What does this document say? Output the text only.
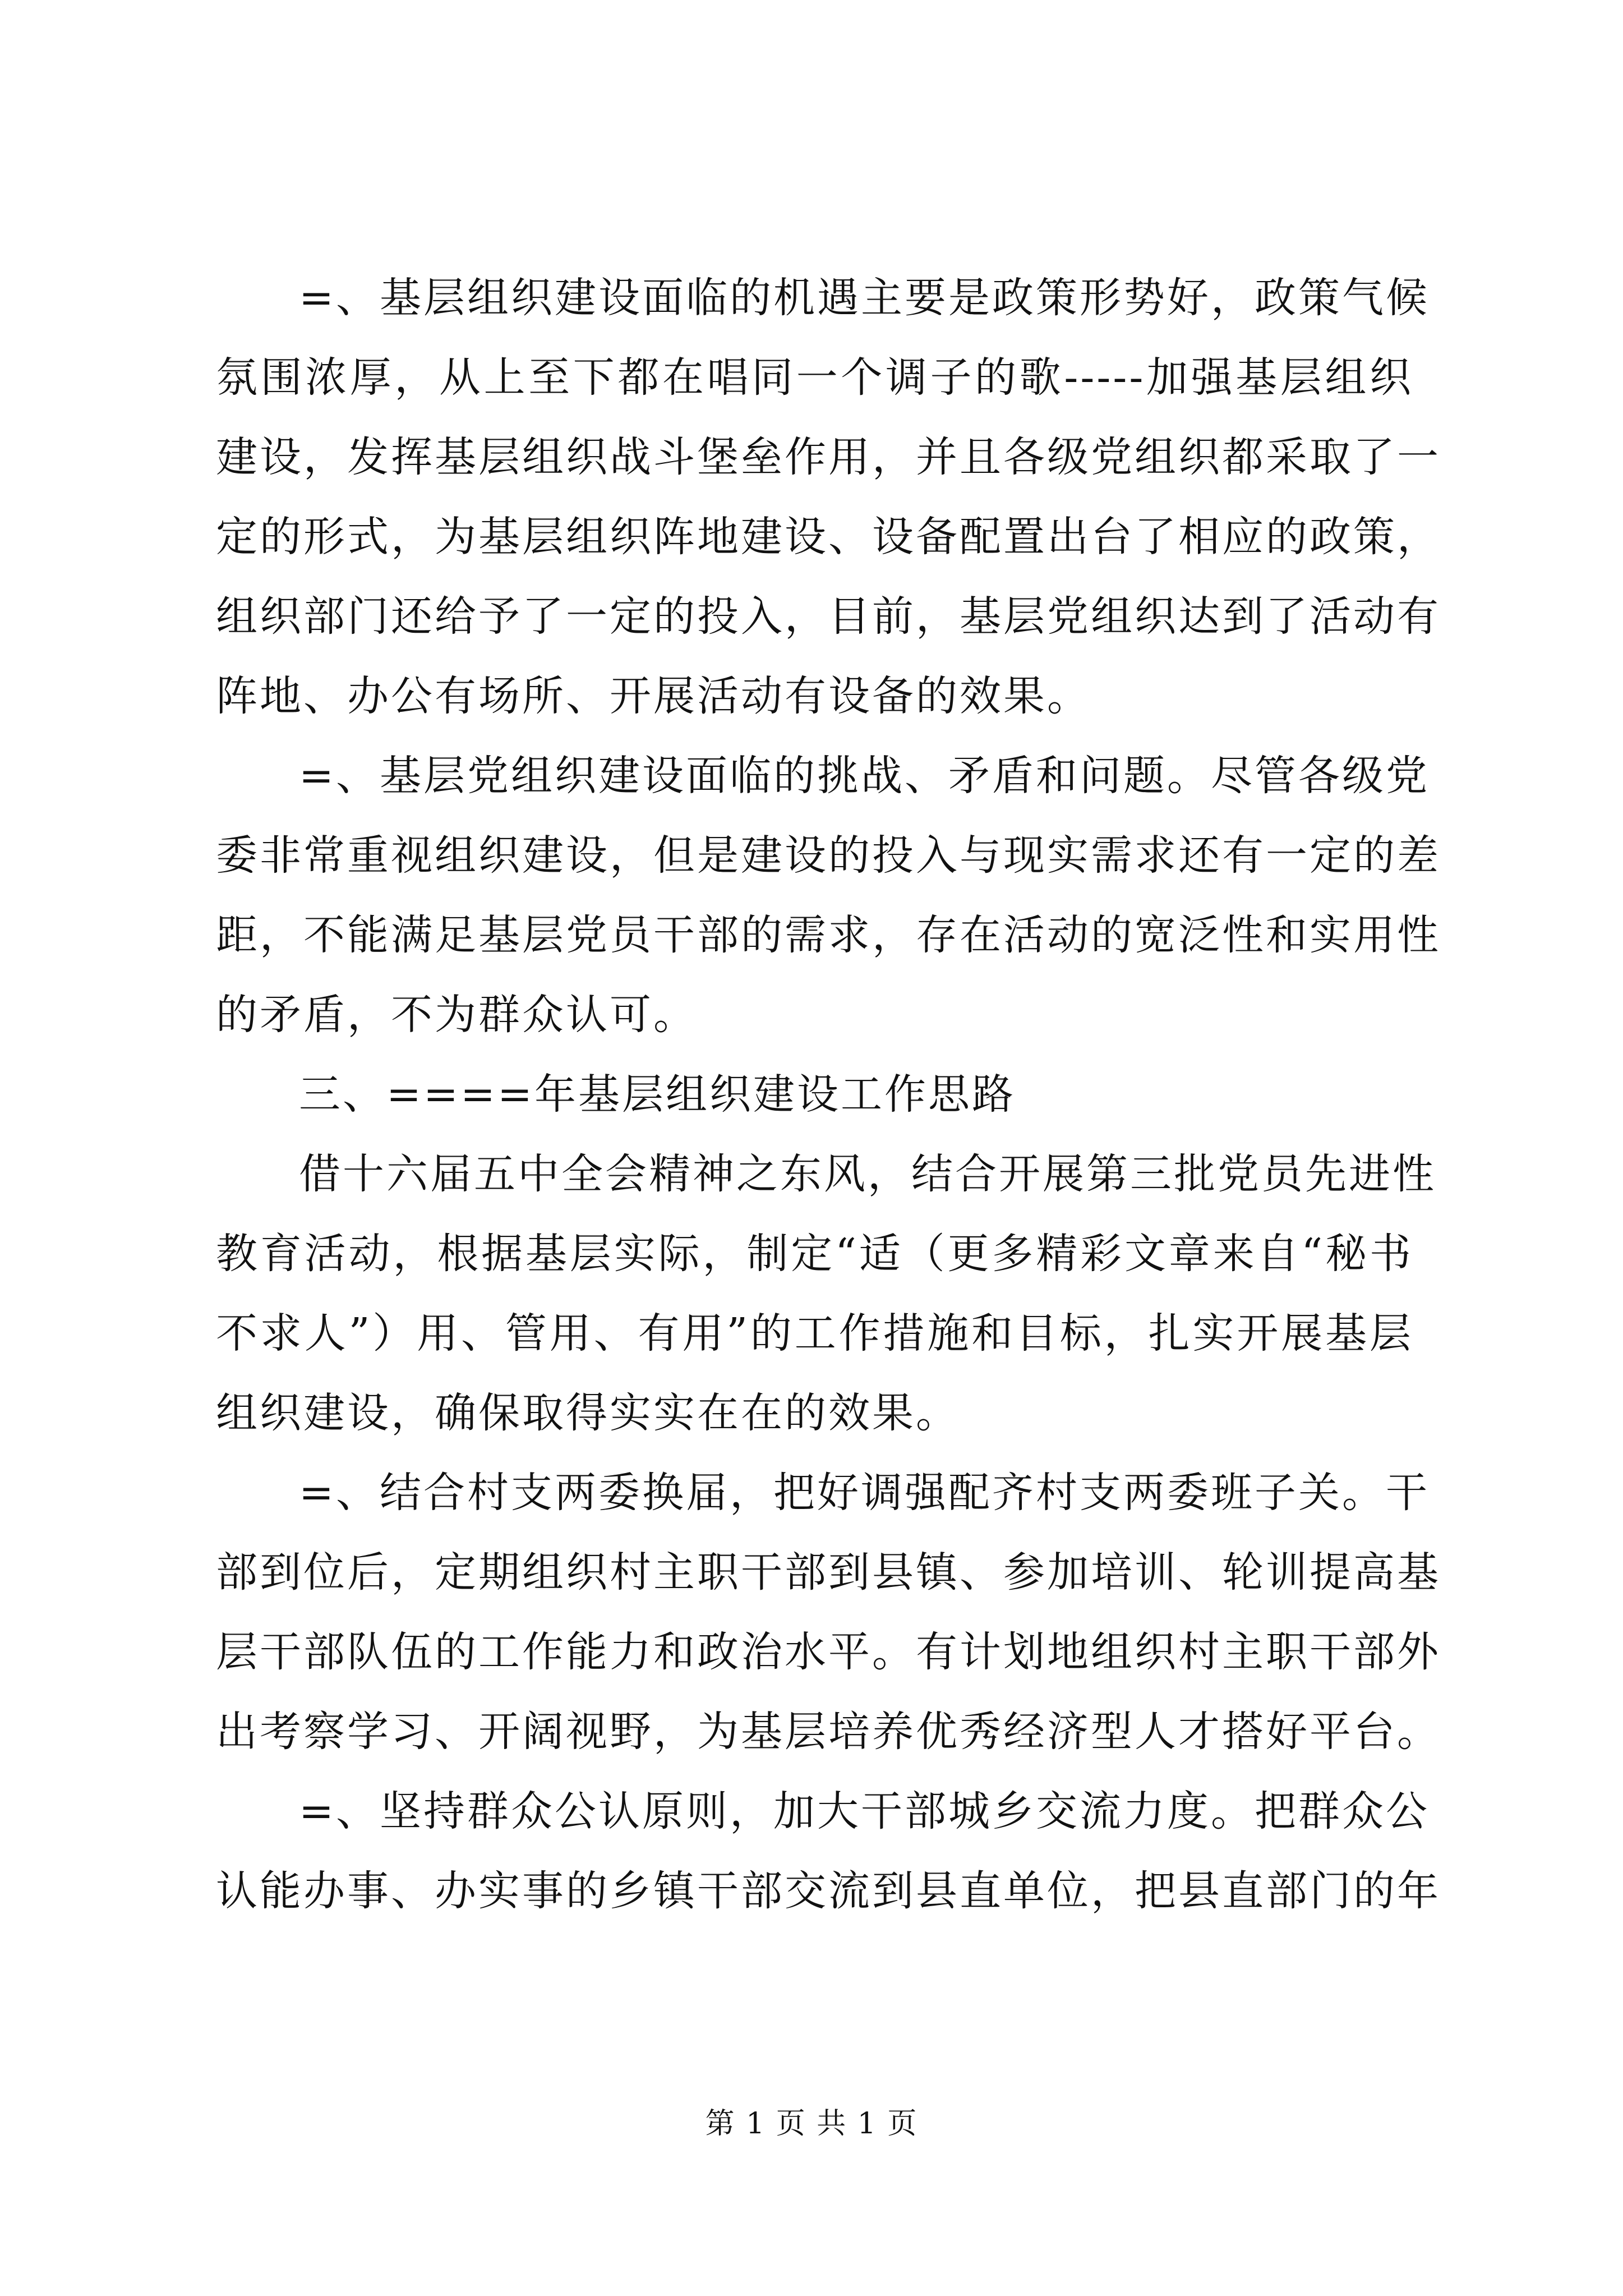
=、基层组织建设面临的机遇主要是政策形势好，政策气候
氛围浓厚，从上至下都在唱同一个调子的歌-----加强基层组织
建设，发挥基层组织战斗堡垒作用，并且各级党组织都采取了一
定的形式，为基层组织阵地建设、设备配置出台了相应的政策，
组织部门还给予了一定的投入，目前，基层党组织达到了活动有
阵地、办公有场所、开展活动有设备的效果。
=、基层党组织建设面临的挑战、矛盾和问题。尽管各级党
委非常重视组织建设，但是建设的投入与现实需求还有一定的差
距，不能满足基层党员干部的需求，存在活动的宽泛性和实用性
的矛盾，不为群众认可。
三、====年基层组织建设工作思路
借十六届五中全会精神之东风，结合开展第三批党员先进性
教育活动，根据基层实际，制定“适（更多精彩文章来自“秘书
不求人”）用、管用、有用”的工作措施和目标，扎实开展基层
组织建设，确保取得实实在在的效果。
=、结合村支两委换届，把好调强配齐村支两委班子关。干
部到位后，定期组织村主职干部到县镇、参加培训、轮训提高基
层干部队伍的工作能力和政治水平。有计划地组织村主职干部外
出考察学习、开阔视野，为基层培养优秀经济型人才搭好平台。
=、坚持群众公认原则，加大干部城乡交流力度。把群众公
认能办事、办实事的乡镇干部交流到县直单位，把县直部门的年
第 1 页 共 1 页
